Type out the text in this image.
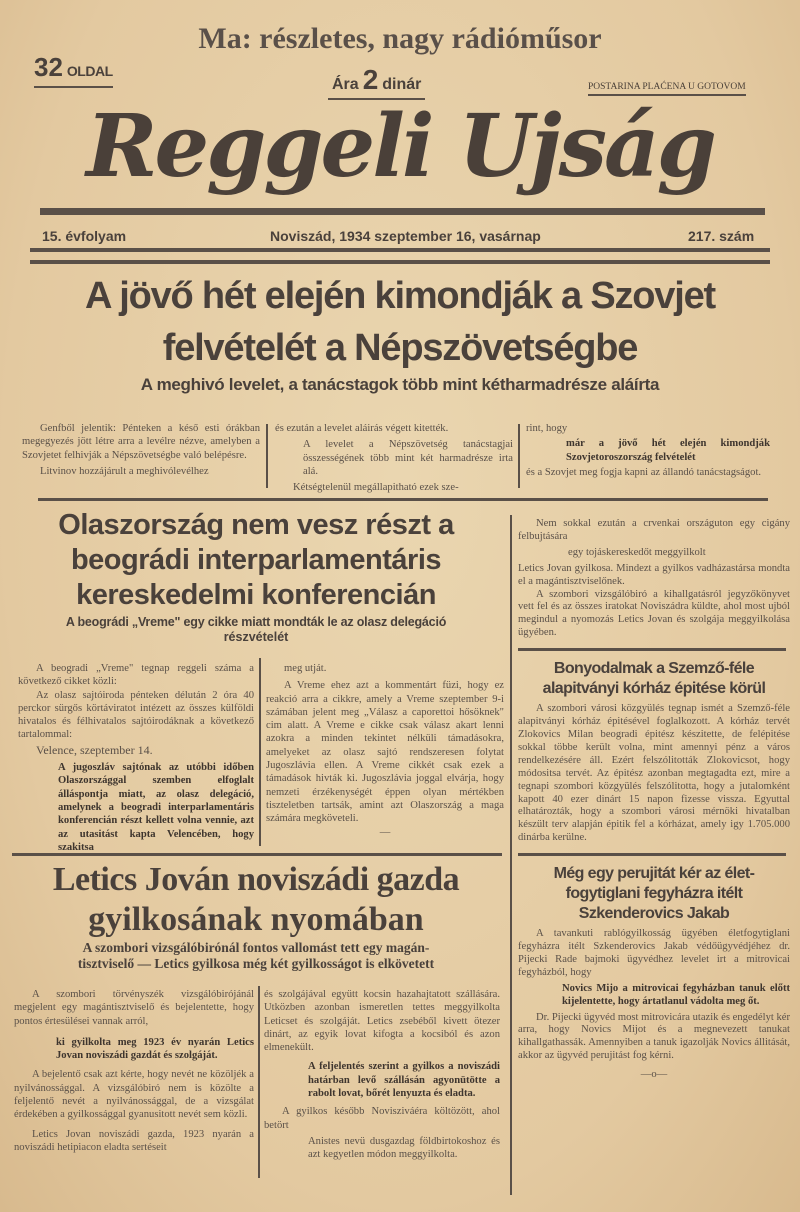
Ma: részletes, nagy rádióműsor
32 OLDAL
Ára 2 dinár	POSTARINA PLAĆENA U GOTOVOM
Reggeli Ujság
15. évfolyam	Noviszád, 1934 szeptember 16, vasárnap	217. szám
A jövő hét elején kimondják a Szovjet
felvételét a Népszövetségbe
A meghivó levelet, a tanácstagok több mint kétharmadrésze aláírta

Genfből jelentik: Pénteken a késő esti órákban megegyezés jött létre arra a levélre nézve, amelyben a Szovjetet felhivják a Népszövetségbe való belépésre.

Litvinov hozzájárult a meghivólevélhez

és ezután a levelet aláirás végett kitették.

A levelet a Népszövetség tanácstagjai összességének több mint két harmadrésze irta alá.

Kétségtelenül megállapitható ezek sze-

rint, hogy

már a jövő hét elején kimondják Szovjetoroszország felvételét

és a Szovjet meg fogja kapni az állandó tanácstagságot.

Olaszország nem vesz részt a
beográdi interparlamentáris
kereskedelmi konferencián
A beográdi „Vreme" egy cikke miatt mondták le az olasz delegáció
részvételét

A beogradi „Vreme" tegnap reggeli száma a következő cikket közli:

Az olasz sajtóiroda pénteken délután 2 óra 40 perckor sürgős körtáviratot intézett az összes külföldi hivatalos és félhivatalos sajtóirodáknak a következő tartalommal:

Velence, szeptember 14.

A jugoszláv sajtónak az utóbbi időben Olaszországgal szemben elfoglalt álláspontja miatt, az olasz delegáció, amelynek a beogradi interparlamentáris konferencián részt kellett volna vennie, azt az utasitást kapta Velencében, hogy szakitsa

meg utját.

A Vreme ehez azt a kommentárt füzi, hogy ez reakció arra a cikkre, amely a Vreme szeptember 9-i számában jelent meg „Válasz a caporettoi hősöknek" cim alatt. A Vreme e cikke csak válasz akart lenni azokra a minden tekintet nélküli támadásokra, amelyeket az olasz sajtó rendszeresen folytat Jugoszlávia ellen. A Vreme cikkét csak ezek a támadások hivták ki. Jugoszlávia joggal elvárja, hogy nemzeti érzékenységét éppen olyan mértékben tiszteletben tartsák, amint azt Olaszország a maga számára megköveteli.

—

Letics Jován noviszádi gazda
gyilkosának nyomában
A szombori vizsgálóbirónál fontos vallomást tett egy magán-
tisztviselő — Letics gyilkosa még két gyilkosságot is elkövetett

A szombori törvényszék vizsgálóbirójánál megjelent egy magántisztviselő és bejelentette, hogy pontos értesülései vannak arról,

ki gyilkolta meg 1923 év nyarán Letics Jovan noviszádi gazdát és szolgáját.

A bejelentő csak azt kérte, hogy nevét ne közöljék a nyilvánossággal. A vizsgálóbiró nem is közölte a feljelentő nevét a nyilvánossággal, de a vizsgálat érdekében a gyilkossággal gyanusitott nevét sem közli.

Letics Jovan noviszádi gazda, 1923 nyarán a noviszádi hetipiacon eladta sertéseit

és szolgájával együtt kocsin hazahajtatott szállására. Utközben azonban ismeretlen tettes meggyilkolta Leticset és szolgáját. Letics zsebéből kivett ötezer dinárt, az egyik lovat kifogta a kocsiból és azon elmenekült.

A feljelentés szerint a gyilkos a noviszádi határban levő szállásán agyonütötte a rabolt lovat, bőrét lenyuzta és eladta.

A gyilkos később Novisziváéra költözött, ahol betört

Anistes nevü dusgazdag földbirtokoshoz és azt kegyetlen módon meggyilkolta.

Nem sokkal ezután a crvenkai országuton egy cigány felbujtására

egy tojáskereskedőt meggyilkolt

Letics Jovan gyilkosa. Mindezt a gyilkos vadházastársa mondta el a magántisztviselőnek.

A szombori vizsgálóbiró a kihallgatásról jegyzőkönyvet vett fel és az összes iratokat Noviszádra küldte, ahol most ujból megindul a nyomozás Letics Jovan és szolgája meggyilkolása ügyében.

Bonyodalmak a Szemző-féle
alapitványi kórház épitése körül

A szombori városi közgyülés tegnap ismét a Szemző-féle alapitványi kórház épitésével foglalkozott. A kórház tervét Zlokovics Milan beogradi épitész készitette, de felépitése sokkal többe került volna, mint amennyi pénz a város rendelkezésére áll. Ezért felszólitották Zlokovicsot, hogy módositsa tervét. Az épitész azonban megtagadta ezt, mire a tegnapi szombori közgyülés felszólitotta, hogy a jutalomként kapott 40 ezer dinárt 15 napon fizesse vissza. Egyuttal elhatározták, hogy a szombori városi mérnöki hivatalban készült terv alapján épitik fel a kórházat, amely igy 1.705.000 dinárba kerülne.

Még egy perujitát kér az élet-
fogytiglani fegyházra itélt
Szkenderovics Jakab

A tavankuti rablógyilkosság ügyében életfogytiglani fegyházra itélt Szkenderovics Jakab védőügyvédjéhez dr. Pijecki Rade bajmoki ügyvédhez levelet irt a mitrovicai fegyházból, hogy

Novics Mijo a mitrovicai fegyházban tanuk előtt kijelentette, hogy ártatlanul vádolta meg őt.

Dr. Pijecki ügyvéd most mitrovicára utazik és engedélyt kér arra, hogy Novics Mijot és a megnevezett tanukat kihallgathassák. Amennyiben a tanuk igazolják Novics állitását, akkor az ügyvéd perujitást fog kérni.

—o—
